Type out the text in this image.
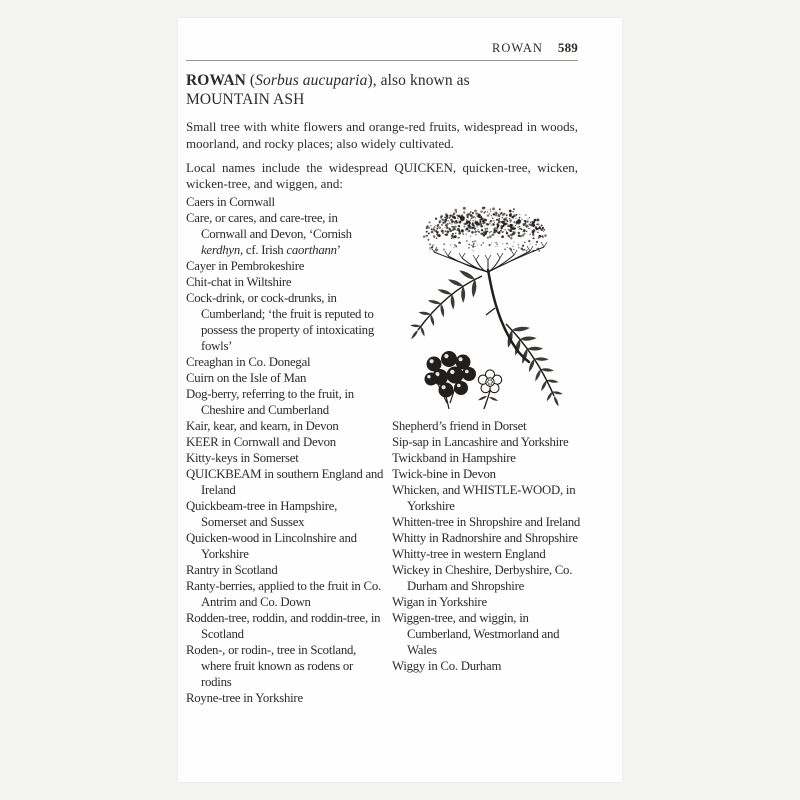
ROWAN 589
ROWAN (Sorbus aucuparia), also known as MOUNTAIN ASH

Small tree with white flowers and orange-red fruits, widespread in woods, moorland, and rocky places; also widely cultivated.

Local names include the widespread QUICKEN, quicken-tree, wicken, wicken-tree, and wiggen, and:

Caers in Cornwall
Care, or cares, and care-tree, in Cornwall and Devon, ‘Cornish kerdhyn, cf. Irish caorthann’
Cayer in Pembrokeshire
Chit-chat in Wiltshire
Cock-drink, or cock-drunks, in Cumberland; ‘the fruit is reputed to possess the property of intoxicating fowls’
Creaghan in Co. Donegal
Cuirn on the Isle of Man
Dog-berry, referring to the fruit, in Cheshire and Cumberland
Kair, kear, and kearn, in Devon
KEER in Cornwall and Devon
Kitty-keys in Somerset
QUICKBEAM in southern England and Ireland
Quickbeam-tree in Hampshire, Somerset and Sussex
Quicken-wood in Lincolnshire and Yorkshire
Rantry in Scotland
Ranty-berries, applied to the fruit in Co. Antrim and Co. Down
Rodden-tree, roddin, and roddin-tree, in Scotland
Roden-, or rodin-, tree in Scotland, where fruit known as rodens or rodins
Royne-tree in Yorkshire
Shepherd’s friend in Dorset
Sip-sap in Lancashire and Yorkshire
Twickband in Hampshire
Twick-bine in Devon
Whicken, and WHISTLE-WOOD, in Yorkshire
Whitten-tree in Shropshire and Ireland
Whitty in Radnorshire and Shropshire
Whitty-tree in western England
Wickey in Cheshire, Derbyshire, Co. Durham and Shropshire
Wigan in Yorkshire
Wiggen-tree, and wiggin, in Cumberland, Westmorland and Wales
Wiggy in Co. Durham
